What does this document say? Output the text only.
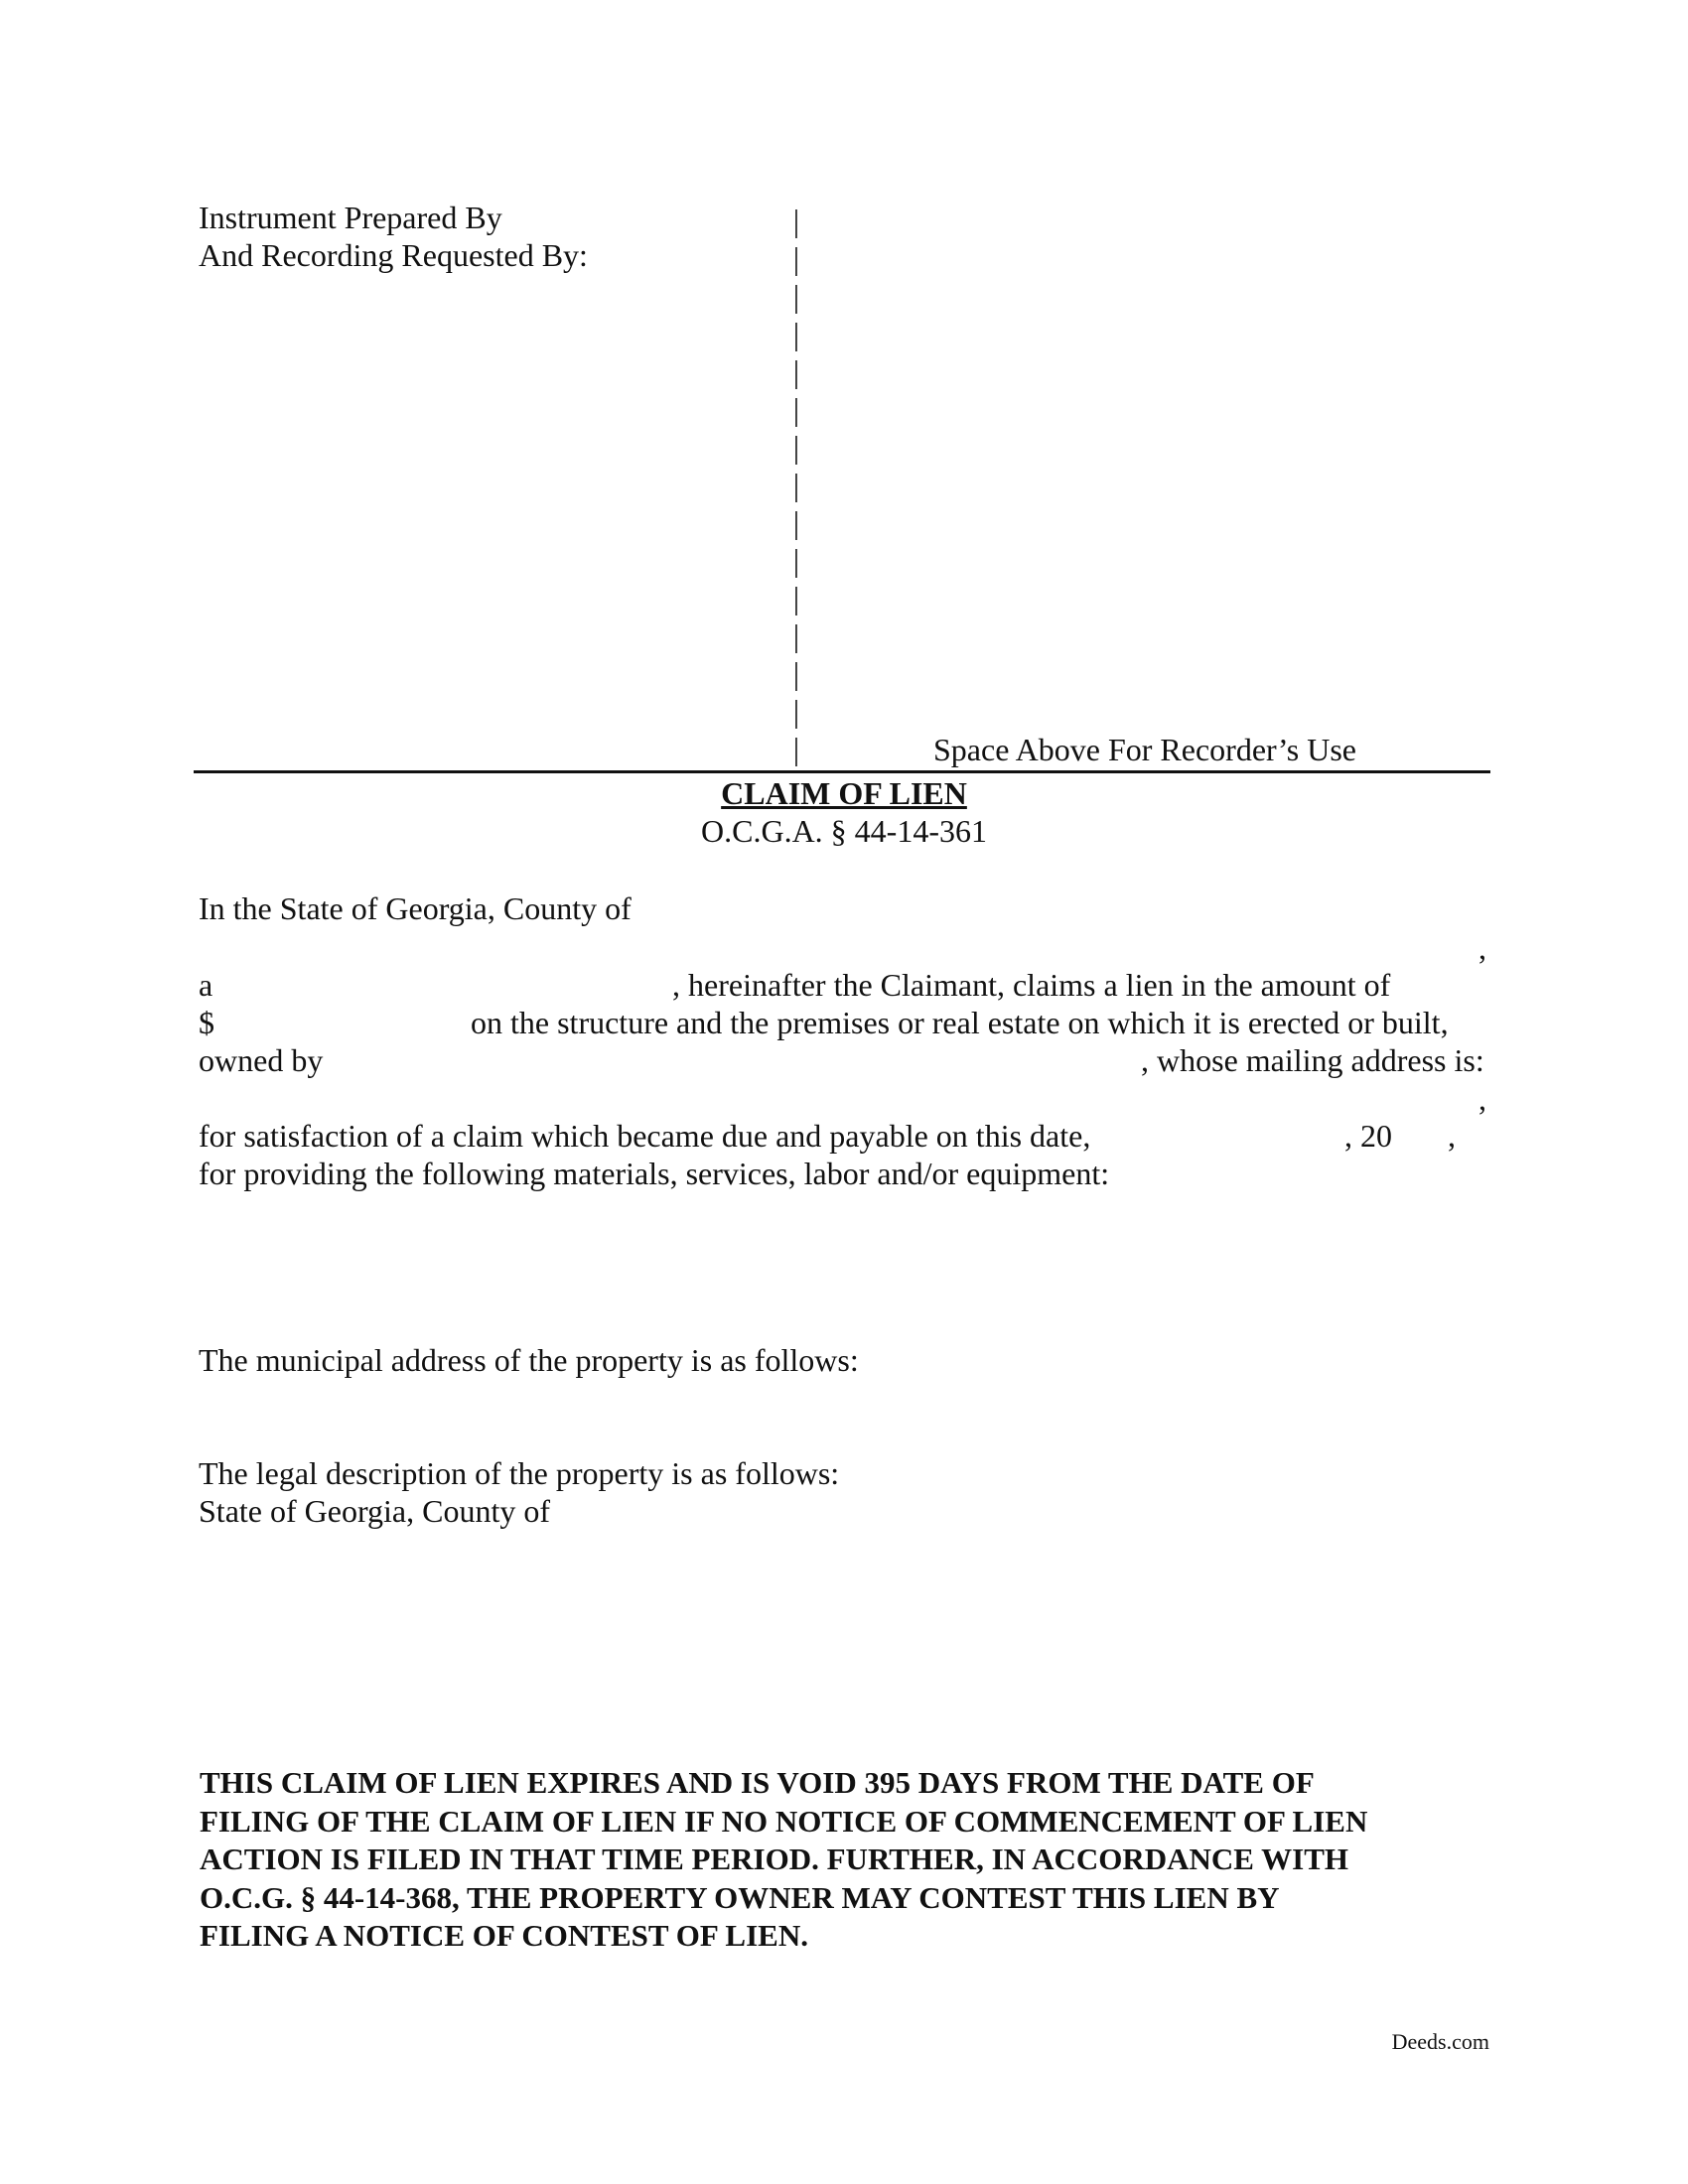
Instrument Prepared By
And Recording Requested By:
|
|
|
|
|
|
|
|
|
|
|
|
|
|
|	Space Above For Recorder’s Use
CLAIM OF LIEN
O.C.G.A. § 44-14-361
In the State of Georgia, County of
,
a	, hereinafter the Claimant, claims a lien in the amount of
$	on the structure and the premises or real estate on which it is erected or built,
owned by	, whose mailing address is:
,
for satisfaction of a claim which became due and payable on this date,	, 20 ,
for providing the following materials, services, labor and/or equipment:
The municipal address of the property is as follows:
The legal description of the property is as follows:
State of Georgia, County of
THIS CLAIM OF LIEN EXPIRES AND IS VOID 395 DAYS FROM THE DATE OF
FILING OF THE CLAIM OF LIEN IF NO NOTICE OF COMMENCEMENT OF LIEN
ACTION IS FILED IN THAT TIME PERIOD. FURTHER, IN ACCORDANCE WITH
O.C.G. § 44-14-368, THE PROPERTY OWNER MAY CONTEST THIS LIEN BY
FILING A NOTICE OF CONTEST OF LIEN.
Deeds.com
